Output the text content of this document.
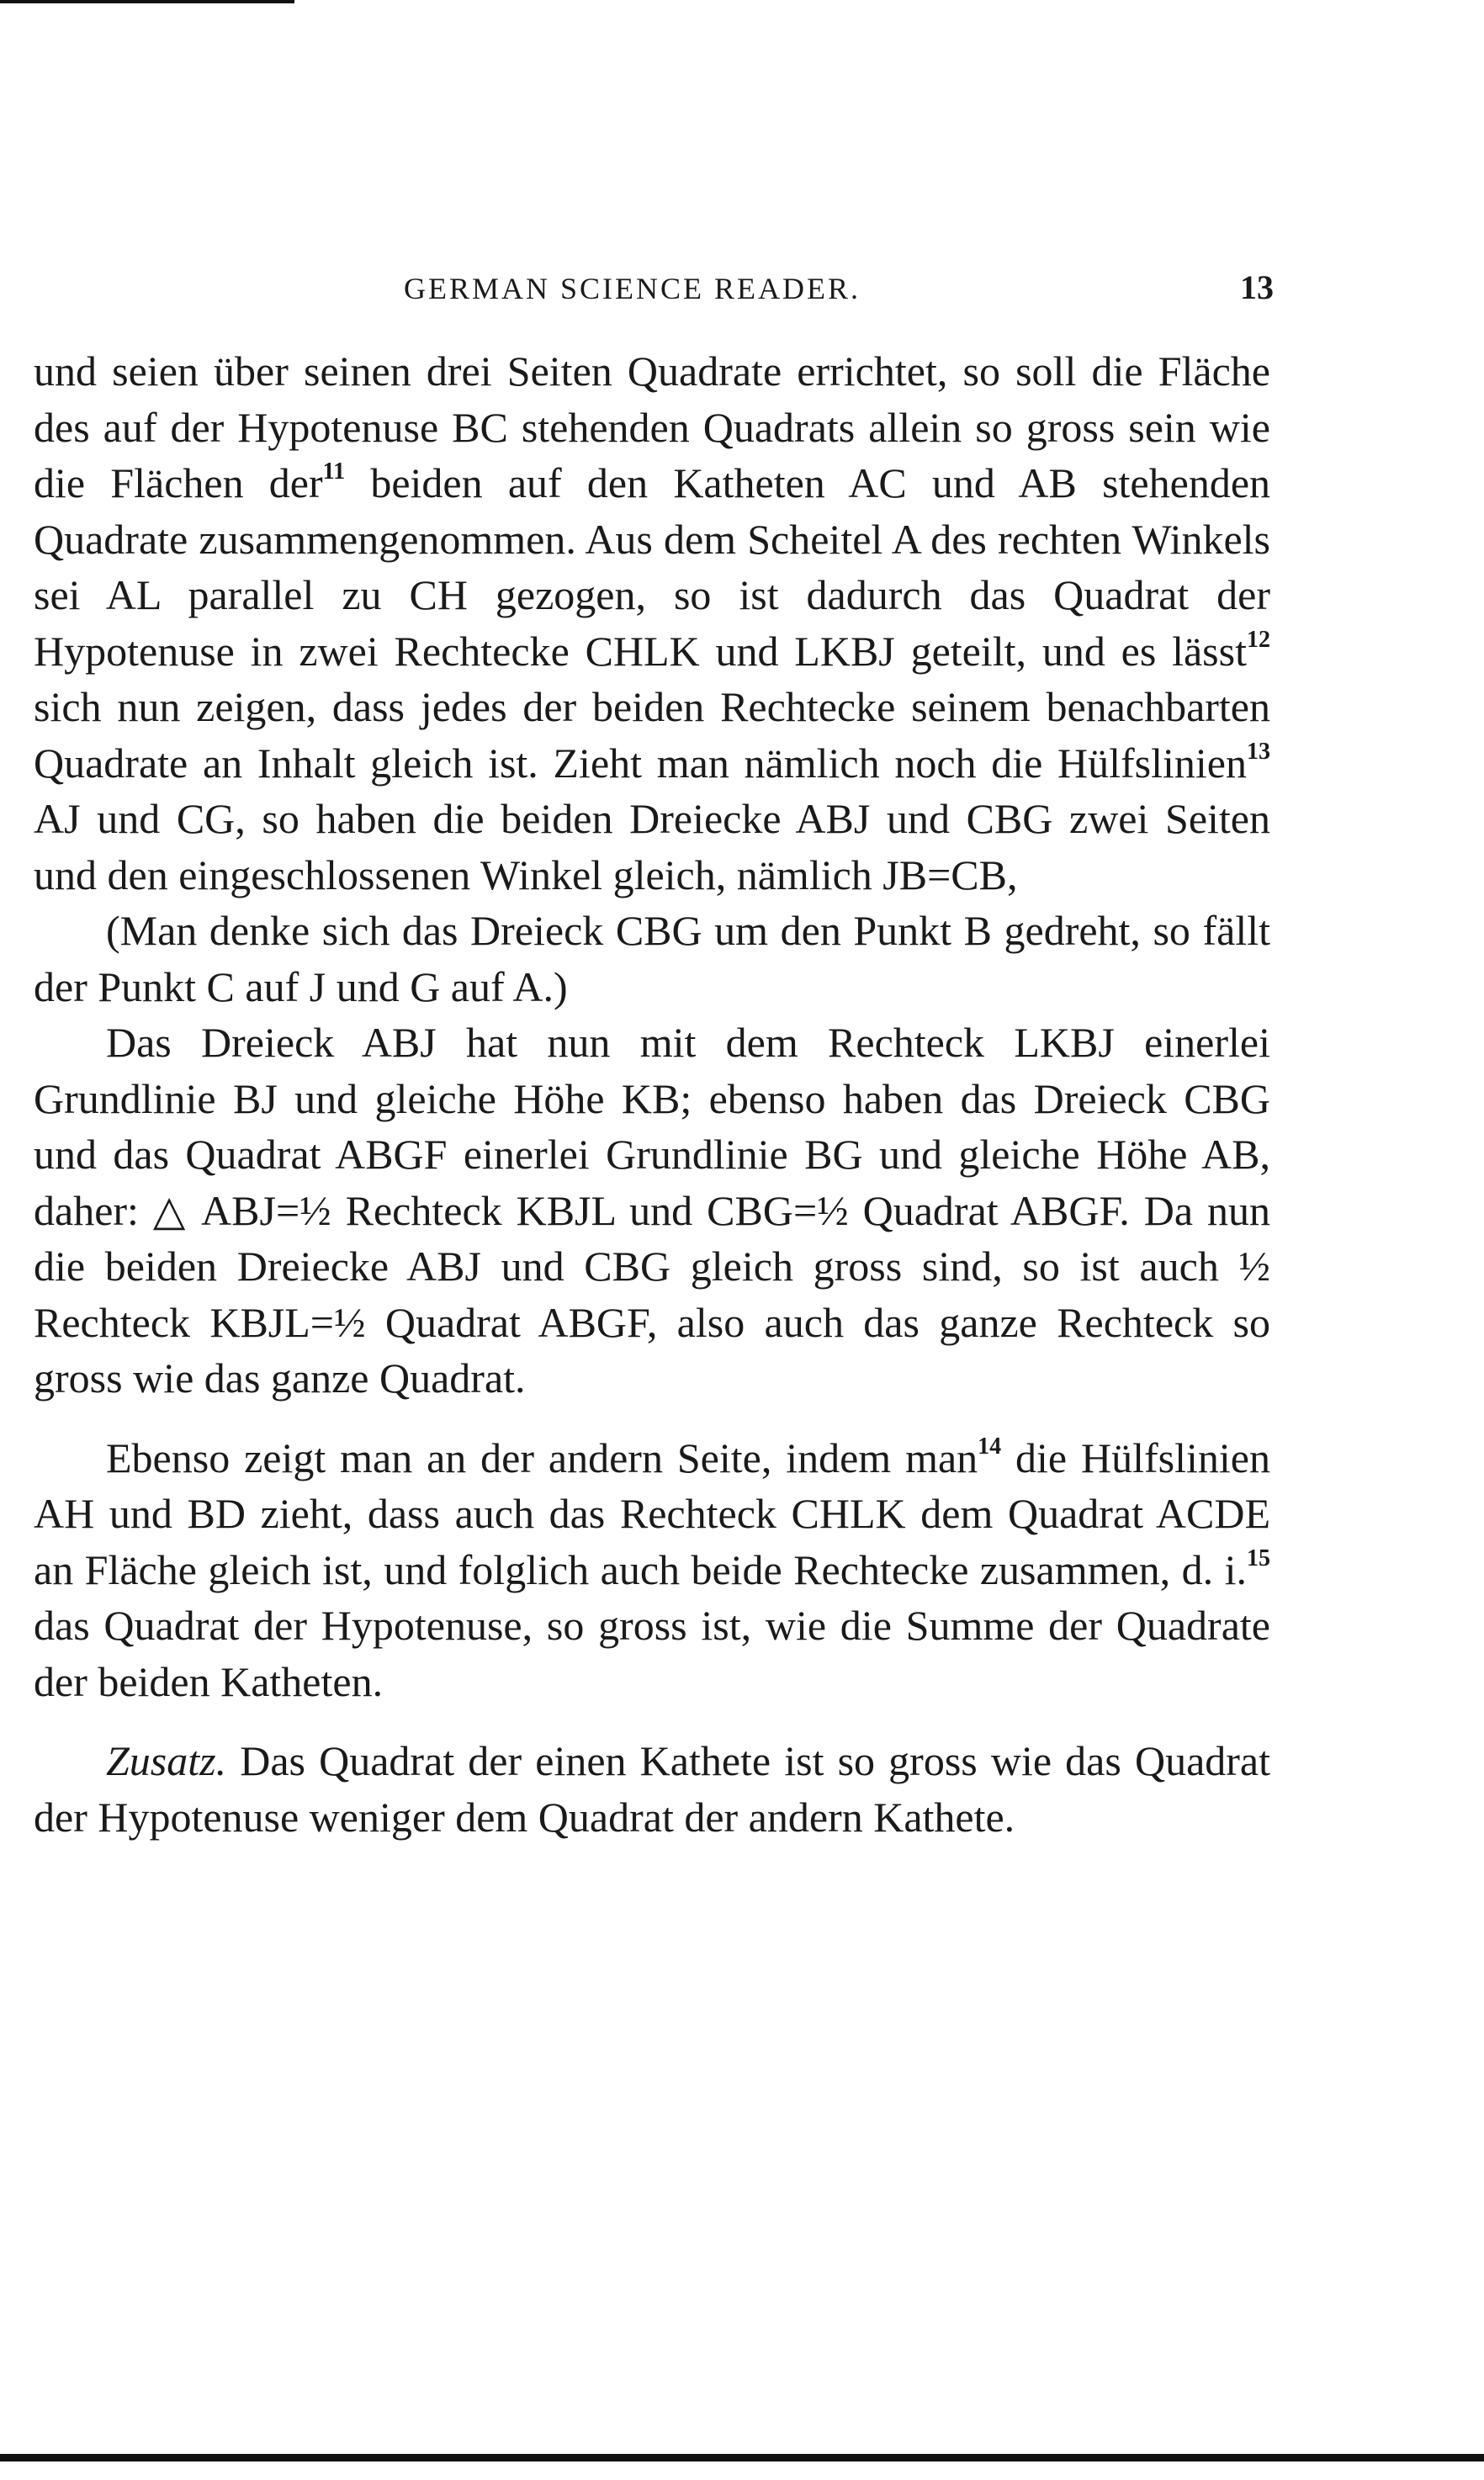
GERMAN SCIENCE READER.	13

und seien über seinen drei Seiten Quadrate errichtet, so soll die Fläche des auf der Hypotenuse BC stehenden Quadrats allein so gross sein wie die Flächen der$^{11}$ beiden auf den Katheten AC und AB stehenden Quadrate zusammengenommen. Aus dem Scheitel A des rechten Winkels sei AL parallel zu CH gezogen, so ist dadurch das Quadrat der Hypotenuse in zwei Rechtecke CHLK und LKBJ geteilt, und es lässt$^{12}$ sich nun zeigen, dass jedes der beiden Rechtecke seinem benachbarten Quadrate an Inhalt gleich ist. Zieht man nämlich noch die Hülfslinien$^{13}$ AJ und CG, so haben die beiden Dreiecke ABJ und CBG zwei Seiten und den eingeschlossenen Winkel gleich, nämlich JB=CB,

(Man denke sich das Dreieck CBG um den Punkt B gedreht, so fällt der Punkt C auf J und G auf A.)

Das Dreieck ABJ hat nun mit dem Rechteck LKBJ einerlei Grundlinie BJ und gleiche Höhe KB; ebenso haben das Dreieck CBG und das Quadrat ABGF einerlei Grundlinie BG und gleiche Höhe AB, daher: △ ABJ=½ Rechteck KBJL und CBG=½ Quadrat ABGF. Da nun die beiden Dreiecke ABJ und CBG gleich gross sind, so ist auch ½ Rechteck KBJL=½ Quadrat ABGF, also auch das ganze Rechteck so gross wie das ganze Quadrat.

Ebenso zeigt man an der andern Seite, indem man$^{14}$ die Hülfslinien AH und BD zieht, dass auch das Rechteck CHLK dem Quadrat ACDE an Fläche gleich ist, und folglich auch beide Rechtecke zusammen, d. i.$^{15}$ das Quadrat der Hypotenuse, so gross ist, wie die Summe der Quadrate der beiden Katheten.

Zusatz. Das Quadrat der einen Kathete ist so gross wie das Quadrat der Hypotenuse weniger dem Quadrat der andern Kathete.
